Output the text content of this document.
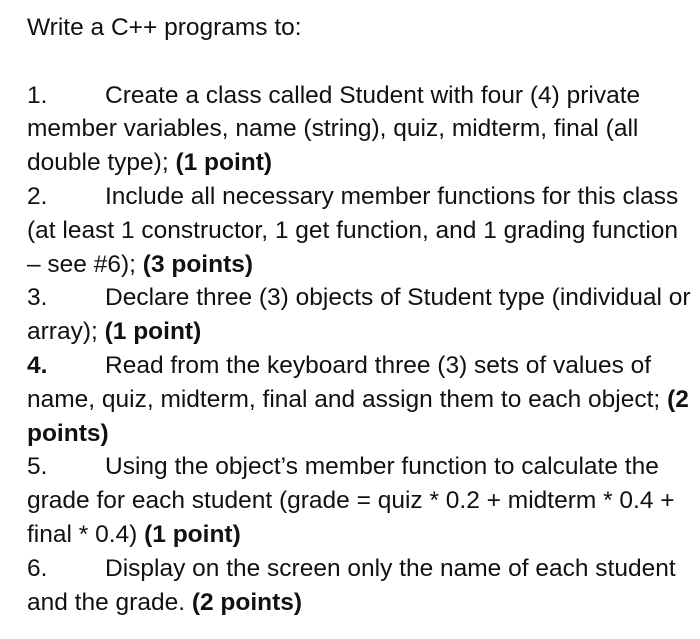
Write a C++ programs to:

1. Create a class called Student with four (4) private member variables, name (string), quiz, midterm, final (all double type); (1 point)

2. Include all necessary member functions for this class (at least 1 constructor, 1 get function, and 1 grading function – see #6); (3 points)

3. Declare three (3) objects of Student type (individual or array); (1 point)

4. Read from the keyboard three (3) sets of values of name, quiz, midterm, final and assign them to each object; (2 points)

5. Using the object’s member function to calculate the grade for each student (grade = quiz * 0.2 + midterm * 0.4 + final * 0.4) (1 point)

6. Display on the screen only the name of each student and the grade. (2 points)
